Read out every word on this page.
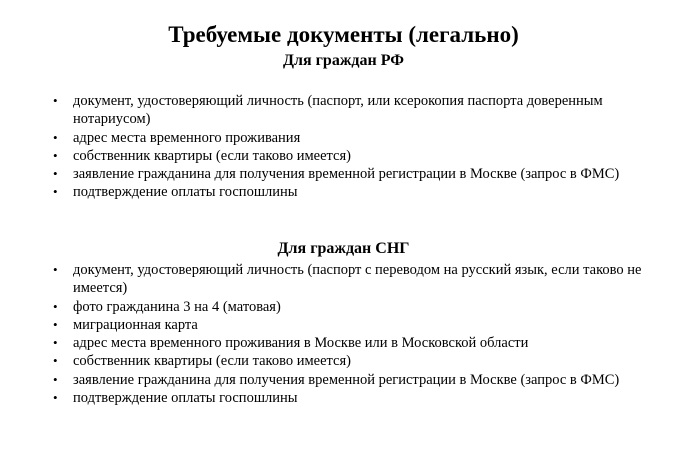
Требуемые документы (легально)
Для граждан РФ
• документ, удостоверяющий личность (паспорт, или ксерокопия паспорта доверенным нотариусом)
• адрес места временного проживания
• собственник квартиры (если таково имеется)
• заявление гражданина для получения временной регистрации в Москве (запрос в ФМС)
• подтверждение оплаты госпошлины
Для граждан СНГ
• документ, удостоверяющий личность (паспорт с переводом на русский язык, если таково не имеется)
• фото гражданина 3 на 4 (матовая)
• миграционная карта
• адрес места временного проживания в Москве или в Московской области
• собственник квартиры (если таково имеется)
• заявление гражданина для получения временной регистрации в Москве (запрос в ФМС)
• подтверждение оплаты госпошлины
